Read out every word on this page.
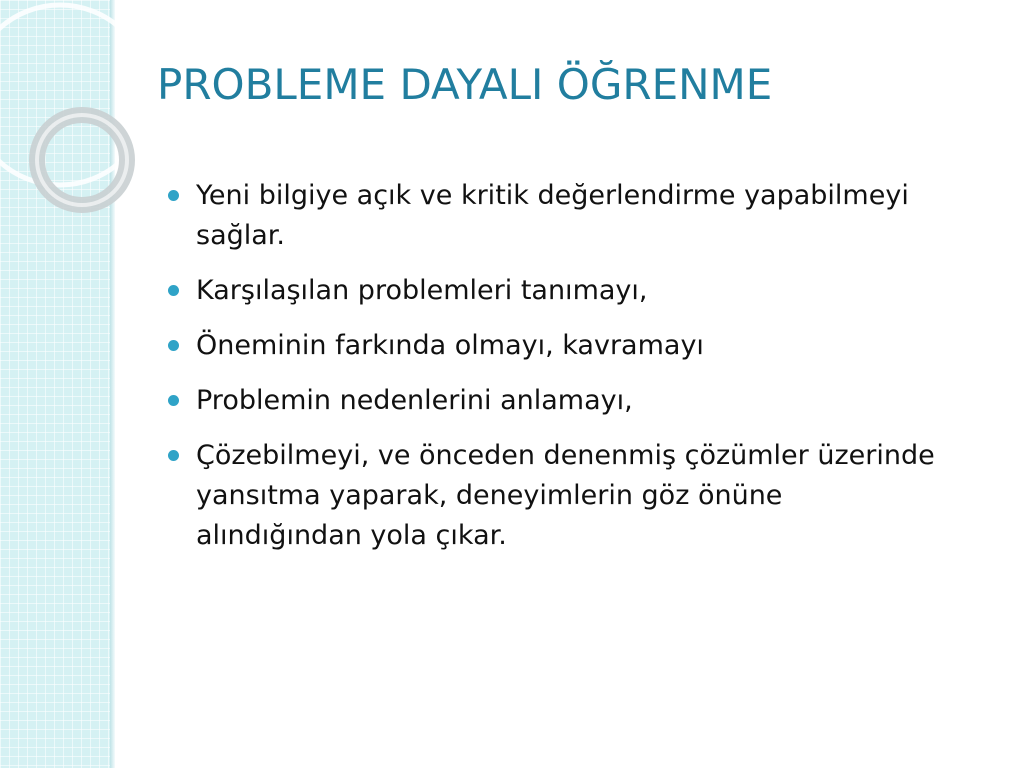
PROBLEME DAYALI ÖĞRENME
Yeni bilgiye açık ve kritik değerlendirme yapabilmeyi sağlar.
Karşılaşılan problemleri tanımayı,
Öneminin farkında olmayı, kavramayı
Problemin nedenlerini anlamayı,
Çözebilmeyi, ve önceden denenmiş çözümler üzerinde yansıtma yaparak, deneyimlerin göz önüne alındığından yola çıkar.
